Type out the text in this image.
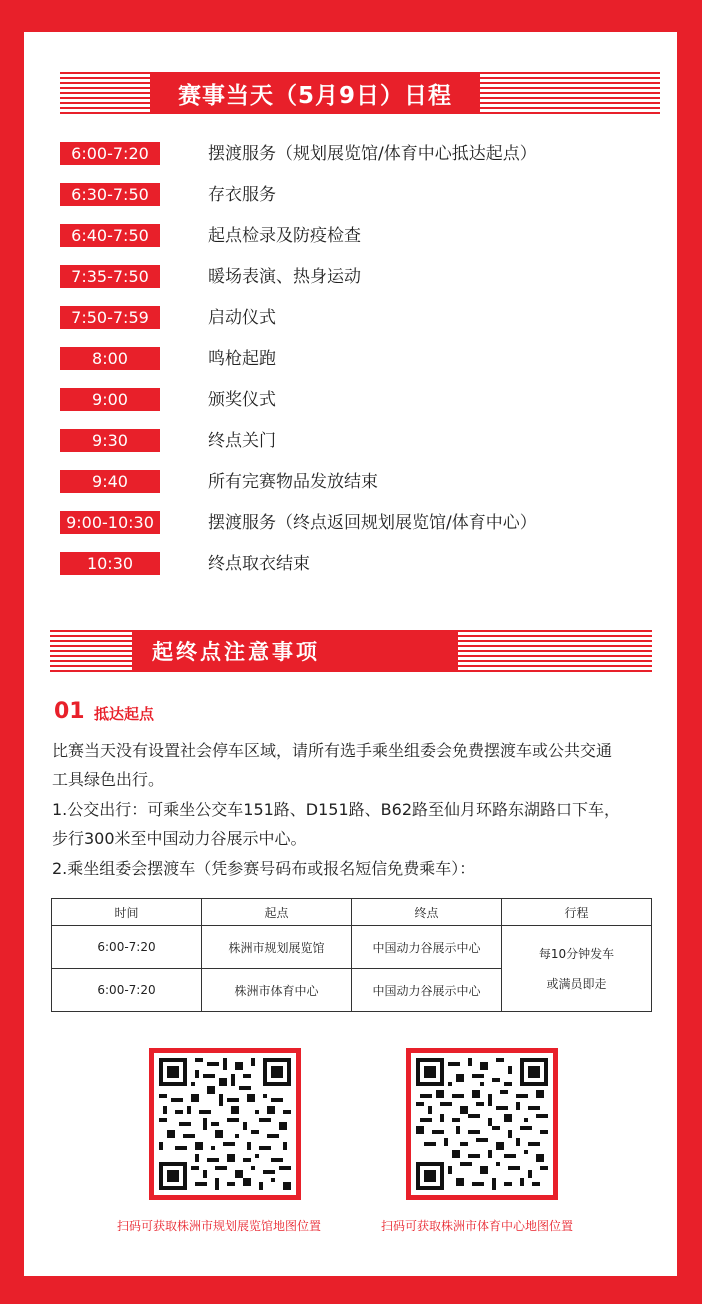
赛事当天（5月9日）日程
6:00-7:20	摆渡服务（规划展览馆/体育中心抵达起点）
6:30-7:50	存衣服务
6:40-7:50	起点检录及防疫检查
7:35-7:50	暖场表演、热身运动
7:50-7:59	启动仪式
8:00	鸣枪起跑
9:00	颁奖仪式
9:30	终点关门
9:40	所有完赛物品发放结束
9:00-10:30	摆渡服务（终点返回规划展览馆/体育中心）
10:30	终点取衣结束
起终点注意事项
01 抵达起点
比赛当天没有设置社会停车区域，请所有选手乘坐组委会免费摆渡车或公共交通
工具绿色出行。
1.公交出行：可乘坐公交车151路、D151路、B62路至仙月环路东湖路口下车，
步行300米至中国动力谷展示中心。
2.乘坐组委会摆渡车（凭参赛号码布或报名短信免费乘车）：
时间	起点	终点	行程
6:00-7:20	株洲市规划展览馆	中国动力谷展示中心	每10分钟发车
或满员即走

6:00-7:20	株洲市体育中心	中国动力谷展示中心	
扫码可获取株洲市规划展览馆地图位置	扫码可获取株洲市体育中心地图位置
